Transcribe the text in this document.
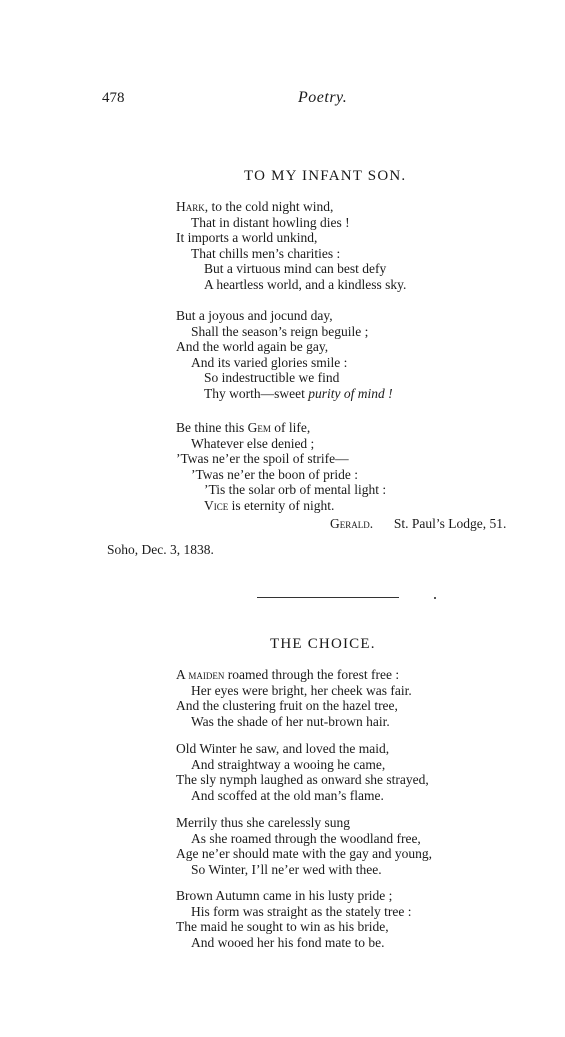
478	Poetry.
TO MY INFANT SON.
Hark, to the cold night wind,
That in distant howling dies !
It imports a world unkind,
That chills men’s charities :
But a virtuous mind can best defy
A heartless world, and a kindless sky.
But a joyous and jocund day,
Shall the season’s reign beguile ;
And the world again be gay,
And its varied glories smile :
So indestructible we find
Thy worth—sweet purity of mind !
Be thine this Gem of life,
Whatever else denied ;
’Twas ne’er the spoil of strife—
’Twas ne’er the boon of pride :
’Tis the solar orb of mental light :
Vice is eternity of night.
Gerald. St. Paul’s Lodge, 51.
Soho, Dec. 3, 1838.
THE CHOICE.
A maiden roamed through the forest free :
Her eyes were bright, her cheek was fair.
And the clustering fruit on the hazel tree,
Was the shade of her nut-brown hair.
Old Winter he saw, and loved the maid,
And straightway a wooing he came,
The sly nymph laughed as onward she strayed,
And scoffed at the old man’s flame.
Merrily thus she carelessly sung
As she roamed through the woodland free,
Age ne’er should mate with the gay and young,
So Winter, I’ll ne’er wed with thee.
Brown Autumn came in his lusty pride ;
His form was straight as the stately tree :
The maid he sought to win as his bride,
And wooed her his fond mate to be.
